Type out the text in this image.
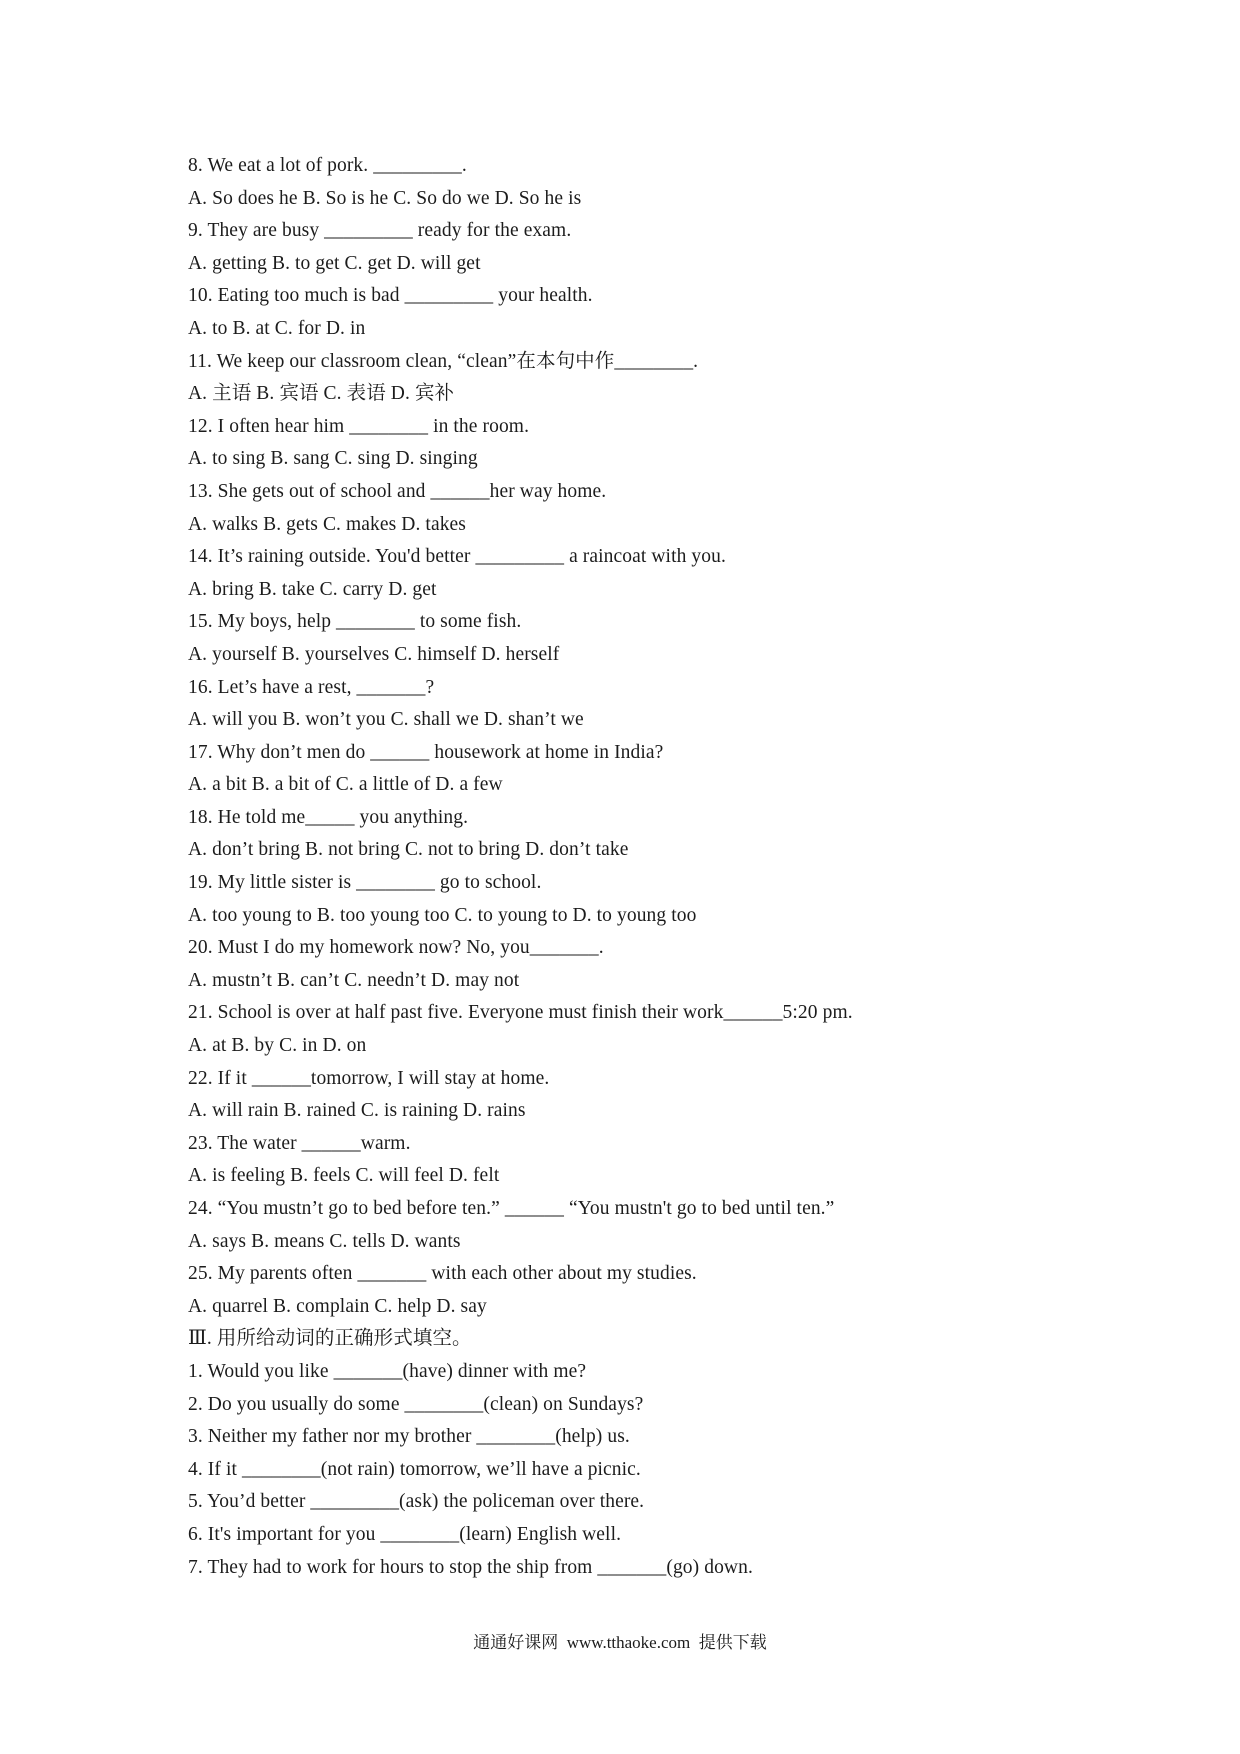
8. We eat a lot of pork. _________.
A. So does he B. So is he C. So do we D. So he is
9. They are busy _________ ready for the exam.
A. getting B. to get C. get D. will get
10. Eating too much is bad _________ your health.
A. to B. at C. for D. in
11. We keep our classroom clean, “clean”在本句中作________.
A. 主语 B. 宾语 C. 表语 D. 宾补
12. I often hear him ________ in the room.
A. to sing B. sang C. sing D. singing
13. She gets out of school and ______her way home.
A. walks B. gets C. makes D. takes
14. It’s raining outside. You'd better _________ a raincoat with you.
A. bring B. take C. carry D. get
15. My boys, help ________ to some fish.
A. yourself B. yourselves C. himself D. herself
16. Let’s have a rest, _______?
A. will you B. won’t you C. shall we D. shan’t we
17. Why don’t men do ______ housework at home in India?
A. a bit B. a bit of C. a little of D. a few
18. He told me_____ you anything.
A. don’t bring B. not bring C. not to bring D. don’t take
19. My little sister is ________ go to school.
A. too young to B. too young too C. to young to D. to young too
20. Must I do my homework now? No, you_______.
A. mustn’t B. can’t C. needn’t D. may not
21. School is over at half past five. Everyone must finish their work______5:20 pm.
A. at B. by C. in D. on
22. If it ______tomorrow, I will stay at home.
A. will rain B. rained C. is raining D. rains
23. The water ______warm.
A. is feeling B. feels C. will feel D. felt
24. “You mustn’t go to bed before ten.” ______ “You mustn't go to bed until ten.”
A. says B. means C. tells D. wants
25. My parents often _______ with each other about my studies.
A. quarrel B. complain C. help D. say
Ⅲ. 用所给动词的正确形式填空。
1. Would you like _______(have) dinner with me?
2. Do you usually do some ________(clean) on Sundays?
3. Neither my father nor my brother ________(help) us.
4. If it ________(not rain) tomorrow, we’ll have a picnic.
5. You’d better _________(ask) the policeman over there.
6. It's important for you ________(learn) English well.
7. They had to work for hours to stop the ship from _______(go) down.
通通好课网  www.tthaoke.com  提供下载
